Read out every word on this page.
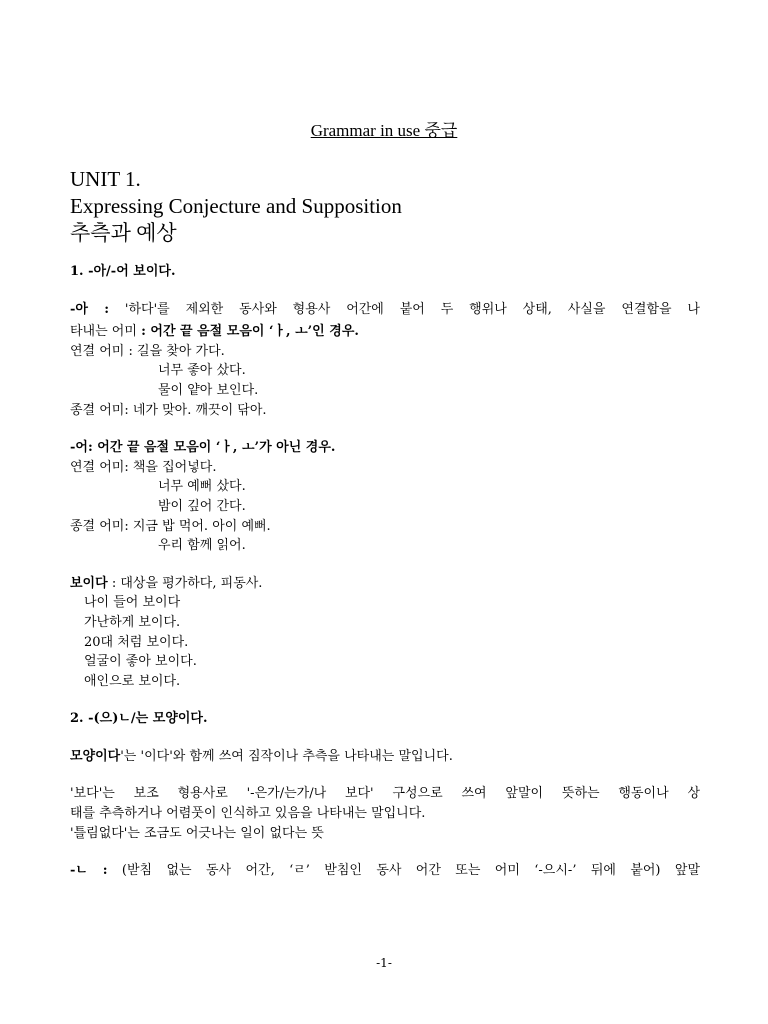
Grammar in use 중급
UNIT 1.
Expressing Conjecture and Supposition
추측과 예상
1. -아/-어 보이다.
-아 : '하다'를 제외한 동사와 형용사 어간에 붙어 두 행위나 상태, 사실을 연결함을 나
타내는 어미 : 어간 끝 음절 모음이 ‘ㅏ, ㅗ’인 경우.
연결 어미 : 길을 찾아 가다.
너무 좋아 샀다.
물이 얕아 보인다.
종결 어미: 네가 맞아. 깨끗이 닦아.
-어: 어간 끝 음절 모음이 ‘ㅏ, ㅗ’가 아닌 경우.
연결 어미: 책을 집어넣다.
너무 예뻐 샀다.
밤이 깊어 간다.
종결 어미: 지금 밥 먹어. 아이 예뻐.
우리 함께 읽어.
보이다 : 대상을 평가하다, 피동사.
나이 들어 보이다
가난하게 보이다.
20대 처럼 보이다.
얼굴이 좋아 보이다.
애인으로 보이다.
2. -(으)ㄴ/는 모양이다.
모양이다'는 '이다'와 함께 쓰여 짐작이나 추측을 나타내는 말입니다.
'보다'는 보조 형용사로 '-은가/는가/나 보다' 구성으로 쓰여 앞말이 뜻하는 행동이나 상
태를 추측하거나 어렴풋이 인식하고 있음을 나타내는 말입니다.
'틀림없다'는 조금도 어긋나는 일이 없다는 뜻
-ㄴ : (받침 없는 동사 어간, ‘ㄹ’ 받침인 동사 어간 또는 어미 ‘-으시-’ 뒤에 붙어) 앞말
-1-
